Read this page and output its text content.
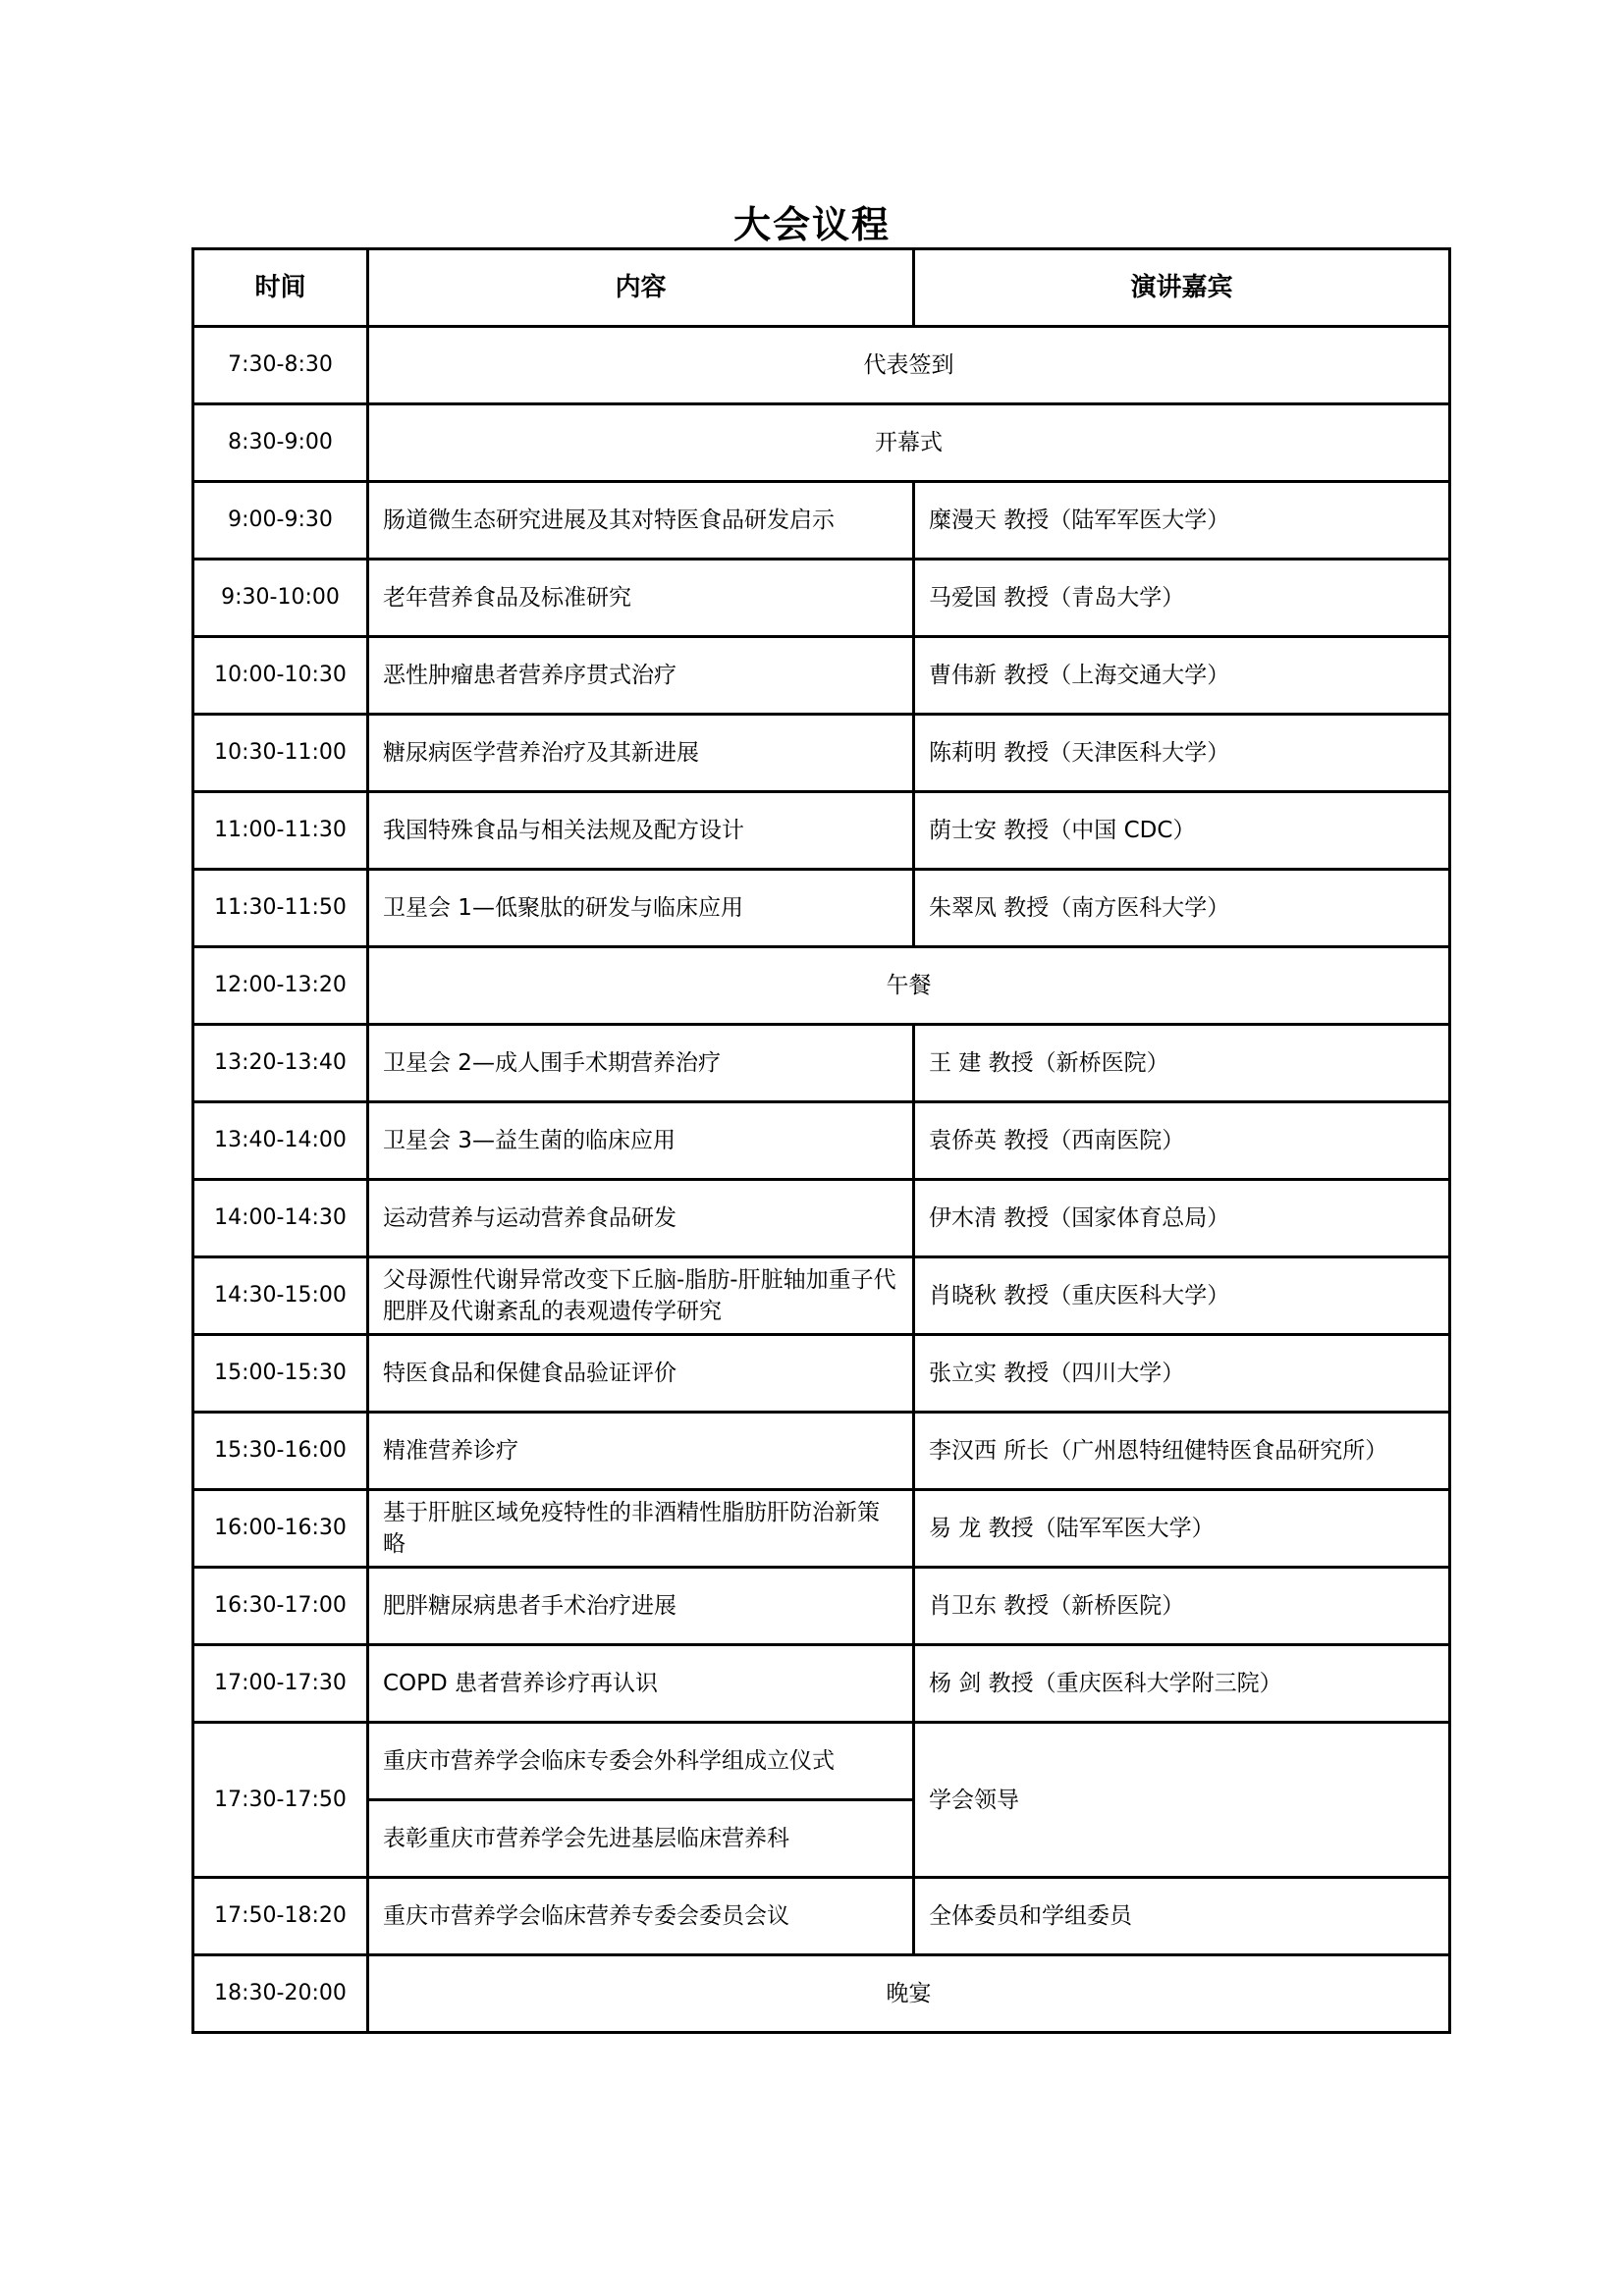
大会议程
时间	内容	演讲嘉宾
7:30-8:30	代表签到	
8:30-9:00	开幕式	
9:00-9:30	肠道微生态研究进展及其对特医食品研发启示	糜漫天 教授（陆军军医大学）
9:30-10:00	老年营养食品及标准研究	马爱国 教授（青岛大学）
10:00-10:30	恶性肿瘤患者营养序贯式治疗	曹伟新 教授（上海交通大学）
10:30-11:00	糖尿病医学营养治疗及其新进展	陈莉明 教授（天津医科大学）
11:00-11:30	我国特殊食品与相关法规及配方设计	荫士安 教授（中国 CDC）
11:30-11:50	卫星会 1—低聚肽的研发与临床应用	朱翠凤 教授（南方医科大学）
12:00-13:20	午餐	
13:20-13:40	卫星会 2—成人围手术期营养治疗	王 建 教授（新桥医院）
13:40-14:00	卫星会 3—益生菌的临床应用	袁侨英 教授（西南医院）
14:00-14:30	运动营养与运动营养食品研发	伊木清 教授（国家体育总局）
14:30-15:00	父母源性代谢异常改变下丘脑-脂肪-肝脏轴加重子代肥胖及代谢紊乱的表观遗传学研究	肖晓秋 教授（重庆医科大学）
15:00-15:30	特医食品和保健食品验证评价	张立实 教授（四川大学）
15:30-16:00	精准营养诊疗	李汉西 所长（广州恩特纽健特医食品研究所）
16:00-16:30	基于肝脏区域免疫特性的非酒精性脂肪肝防治新策略	易 龙 教授（陆军军医大学）
16:30-17:00	肥胖糖尿病患者手术治疗进展	肖卫东 教授（新桥医院）
17:00-17:30	COPD 患者营养诊疗再认识	杨 剑 教授（重庆医科大学附三院）
17:30-17:50	重庆市营养学会临床专委会外科学组成立仪式	学会领导
	表彰重庆市营养学会先进基层临床营养科	
17:50-18:20	重庆市营养学会临床营养专委会委员会议	全体委员和学组委员
18:30-20:00	晚宴	
